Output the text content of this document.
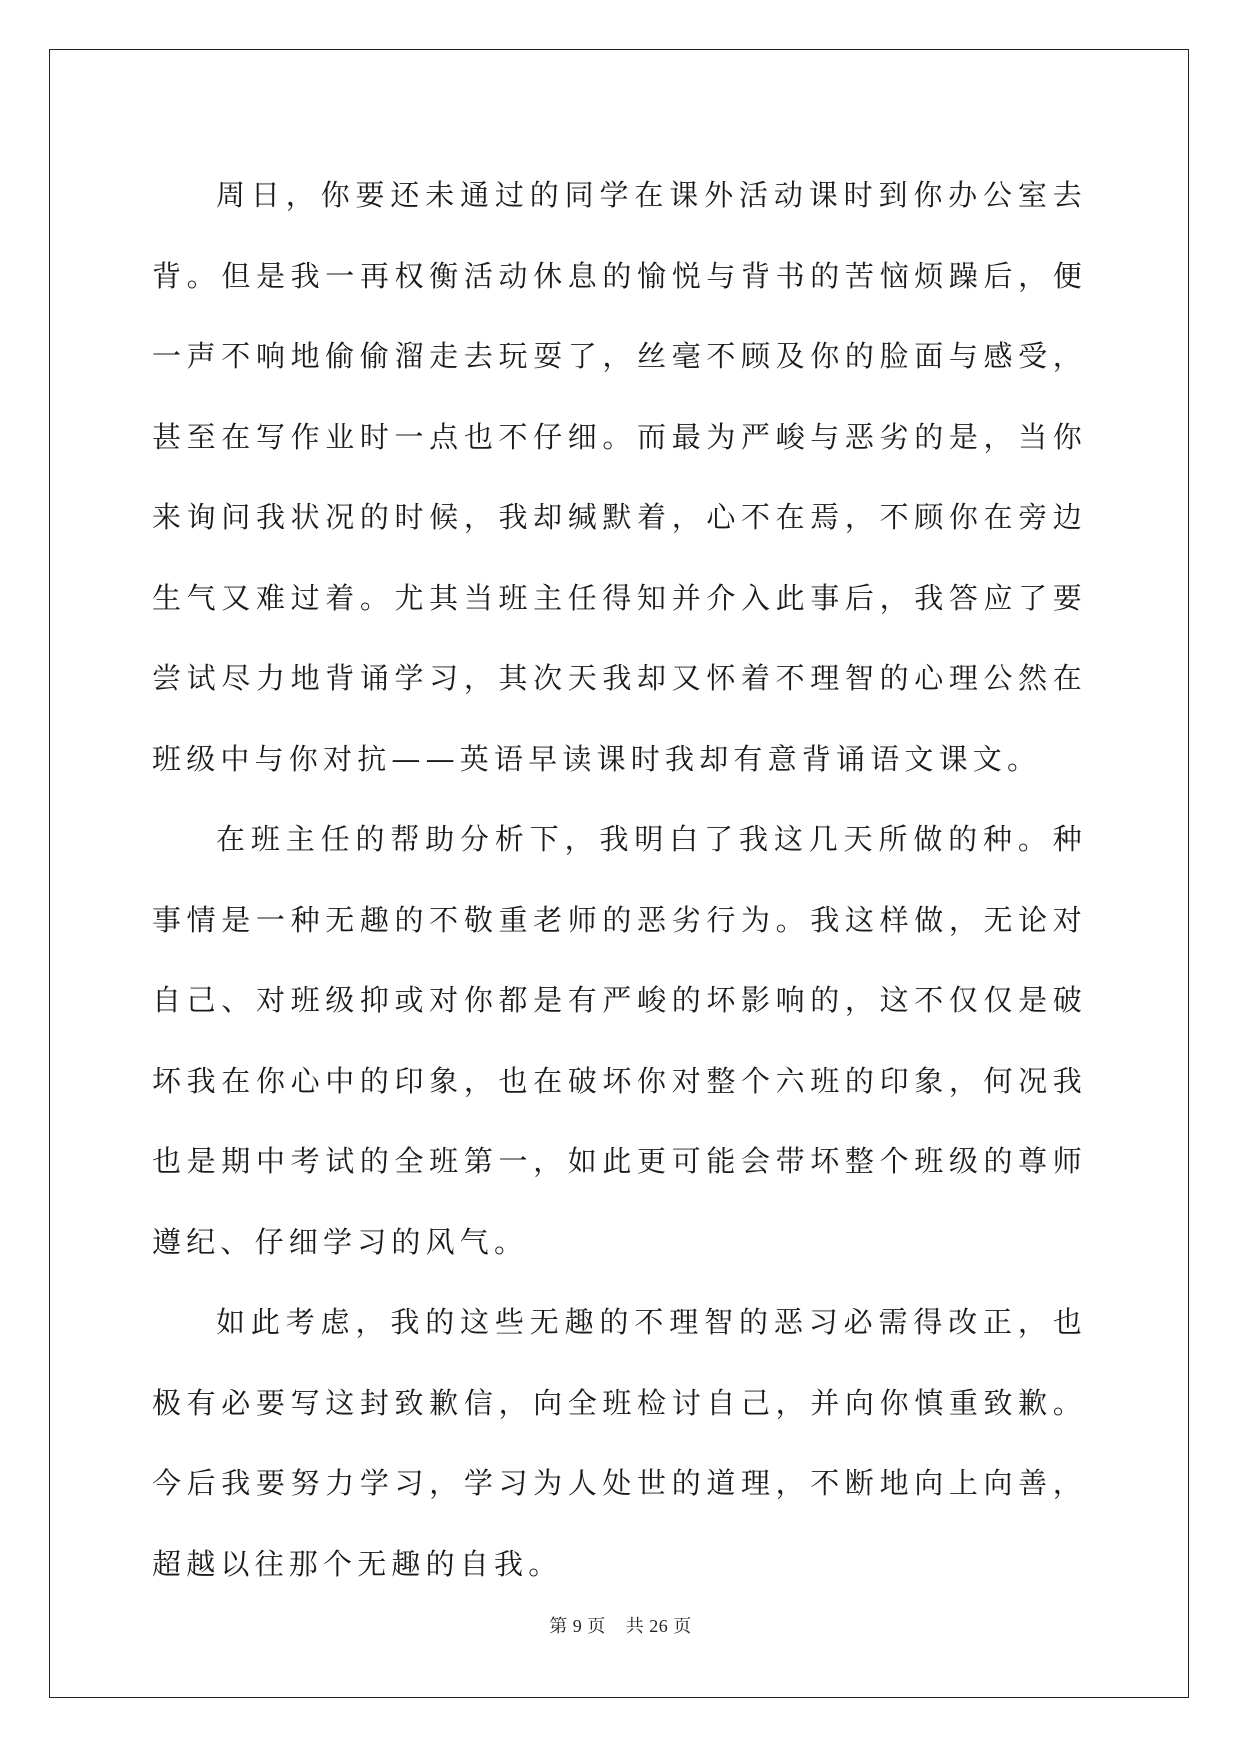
周日，你要还未通过的同学在课外活动课时到你办公室去背。但是我一再权衡活动休息的愉悦与背书的苦恼烦躁后，便一声不响地偷偷溜走去玩耍了，丝毫不顾及你的脸面与感受，甚至在写作业时一点也不仔细。而最为严峻与恶劣的是，当你来询问我状况的时候，我却缄默着，心不在焉，不顾你在旁边生气又难过着。尤其当班主任得知并介入此事后，我答应了要尝试尽力地背诵学习，其次天我却又怀着不理智的心理公然在班级中与你对抗——英语早读课时我却有意背诵语文课文。

在班主任的帮助分析下，我明白了我这几天所做的种。种事情是一种无趣的不敬重老师的恶劣行为。我这样做，无论对自己、对班级抑或对你都是有严峻的坏影响的，这不仅仅是破坏我在你心中的印象，也在破坏你对整个六班的印象，何况我也是期中考试的全班第一，如此更可能会带坏整个班级的尊师遵纪、仔细学习的风气。

如此考虑，我的这些无趣的不理智的恶习必需得改正，也极有必要写这封致歉信，向全班检讨自己，并向你慎重致歉。今后我要努力学习，学习为人处世的道理，不断地向上向善，超越以往那个无趣的自我。

第 9 页 共 26 页
